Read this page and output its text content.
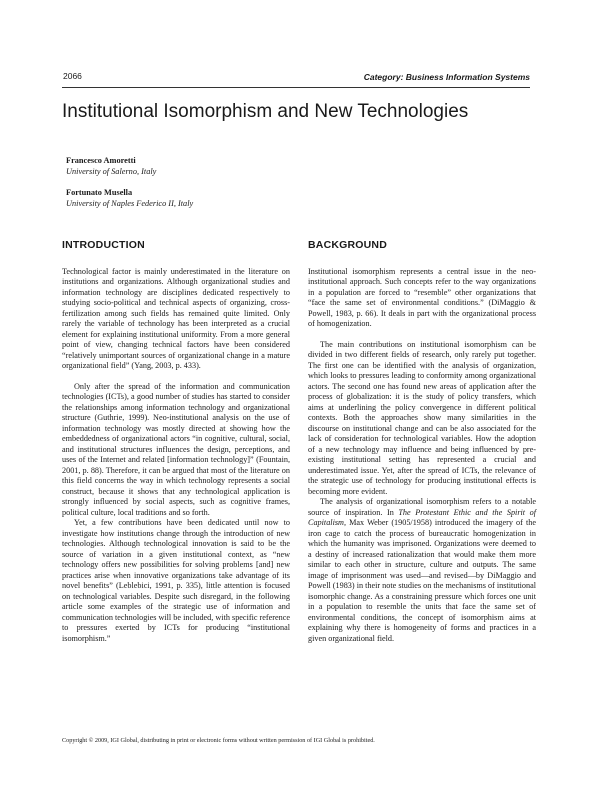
2066	Category: Business Information Systems
Institutional Isomorphism and New Technologies
Francesco Amoretti
University of Salerno, Italy
Fortunato Musella
University of Naples Federico II, Italy
INTRODUCTION

Technological factor is mainly underestimated in the literature on institutions and organizations. Although organizational studies and information technology are disciplines dedicated respectively to studying socio-political and technical aspects of organizing, cross-fertilization among such fields has remained quite limited. Only rarely the variable of technology has been interpreted as a crucial element for explaining institutional uniformity. From a more general point of view, changing technical factors have been considered “relatively unimportant sources of organizational change in a mature organizational field” (Yang, 2003, p. 433).

Only after the spread of the information and communication technologies (ICTs), a good number of studies has started to consider the relationships among information technology and organizational structure (Guthrie, 1999). Neo-institutional analysis on the use of information technology was mostly directed at showing how the embeddedness of organizational actors “in cognitive, cultural, social, and institutional structures influences the design, perceptions, and uses of the Internet and related [information technology]” (Fountain, 2001, p. 88). Therefore, it can be argued that most of the literature on this field concerns the way in which technology represents a social construct, because it shows that any technological application is strongly influenced by social aspects, such as cognitive frames, political culture, local traditions and so forth.

Yet, a few contributions have been dedicated until now to investigate how institutions change through the introduction of new technologies. Although technological innovation is said to be the source of variation in a given institutional context, as “new technology offers new possibilities for solving problems [and] new practices arise when innovative organizations take advantage of its novel benefits” (Leblebici, 1991, p. 335), little attention is focused on technological variables. Despite such disregard, in the following article some examples of the strategic use of information and communication technologies will be included, with specific reference to pressures exerted by ICTs for producing “institutional isomorphism.”

BACKGROUND

Institutional isomorphism represents a central issue in the neo-institutional approach. Such concepts refer to the way organizations in a population are forced to “resemble” other organizations that “face the same set of environmental conditions.” (DiMaggio & Powell, 1983, p. 66). It deals in part with the organizational process of homogenization.

The main contributions on institutional isomorphism can be divided in two different fields of research, only rarely put together. The first one can be identified with the analysis of organization, which looks to pressures leading to conformity among organizational actors. The second one has found new areas of application after the process of globalization: it is the study of policy transfers, which aims at underlining the policy convergence in different political contexts. Both the approaches show many similarities in the discourse on institutional change and can be also associated for the lack of consideration for technological variables. How the adoption of a new technology may influence and being influenced by pre-existing institutional setting has represented a crucial and underestimated issue. Yet, after the spread of ICTs, the relevance of the strategic use of technology for producing institutional effects is becoming more evident.

The analysis of organizational isomorphism refers to a notable source of inspiration. In The Protestant Ethic and the Spirit of Capitalism, Max Weber (1905/1958) introduced the imagery of the iron cage to catch the process of bureaucratic homogenization in which the humanity was imprisoned. Organizations were deemed to a destiny of increased rationalization that would make them more similar to each other in structure, culture and outputs. The same image of imprisonment was used—and revised—by DiMaggio and Powell (1983) in their note studies on the mechanisms of institutional isomorphic change. As a constraining pressure which forces one unit in a population to resemble the units that face the same set of environmental conditions, the concept of isomorphism aims at explaining why there is homogeneity of forms and practices in a given organizational field.

Copyright © 2009, IGI Global, distributing in print or electronic forms without written permission of IGI Global is prohibited.
